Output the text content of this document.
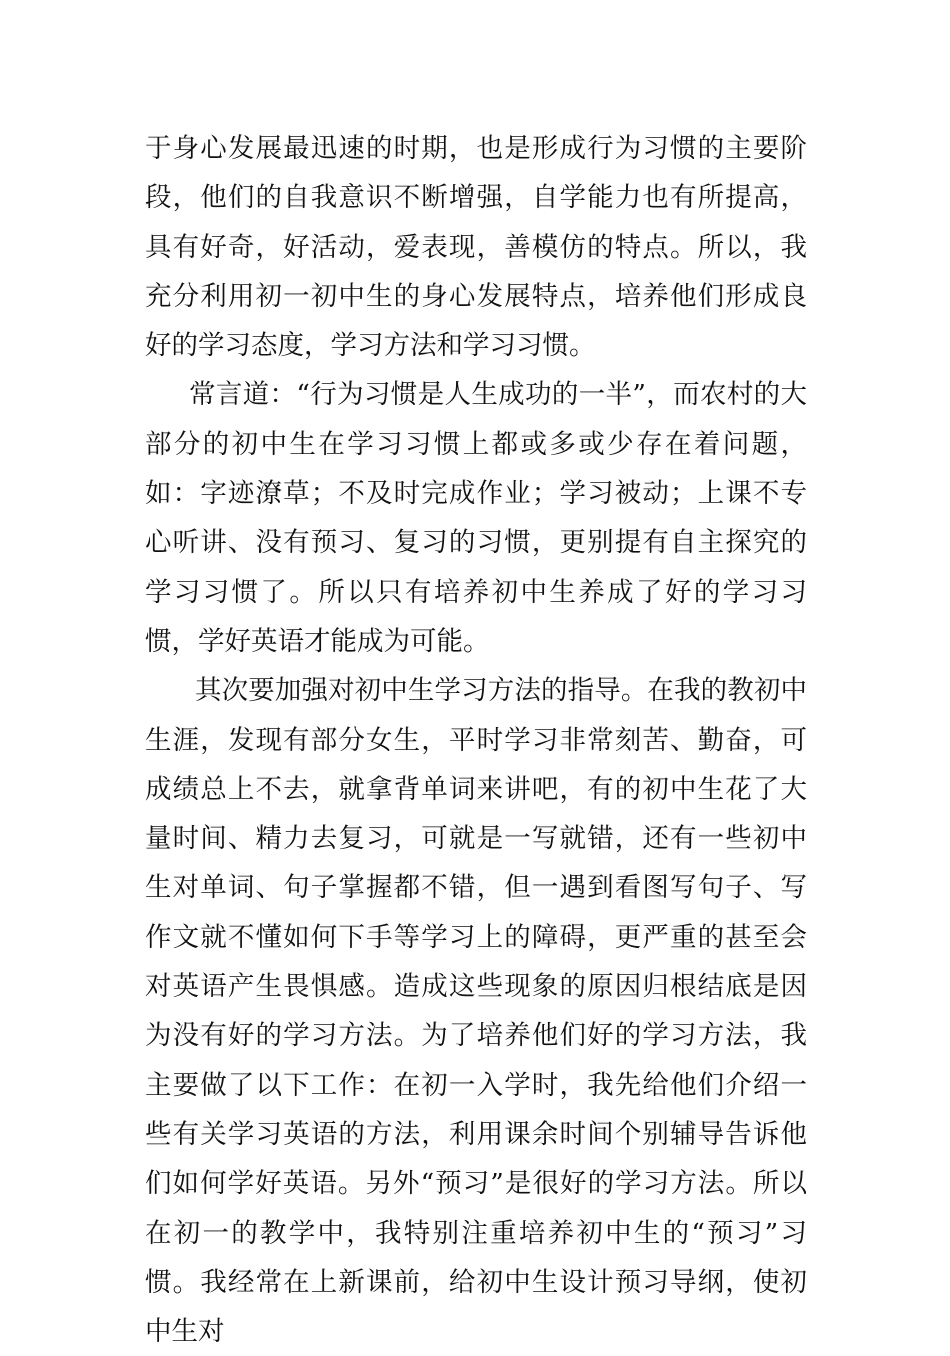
于身心发展最迅速的时期，也是形成行为习惯的主要阶段，他们的自我意识不断增强，自学能力也有所提高，具有好奇，好活动，爱表现，善模仿的特点。所以，我充分利用初一初中生的身心发展特点，培养他们形成良好的学习态度，学习方法和学习习惯。

常言道：“行为习惯是人生成功的一半”，而农村的大部分的初中生在学习习惯上都或多或少存在着问题，如：字迹潦草；不及时完成作业；学习被动；上课不专心听讲、没有预习、复习的习惯，更别提有自主探究的学习习惯了。所以只有培养初中生养成了好的学习习惯，学好英语才能成为可能。

其次要加强对初中生学习方法的指导。在我的教初中生涯，发现有部分女生，平时学习非常刻苦、勤奋，可成绩总上不去，就拿背单词来讲吧，有的初中生花了大量时间、精力去复习，可就是一写就错，还有一些初中生对单词、句子掌握都不错，但一遇到看图写句子、写作文就不懂如何下手等学习上的障碍，更严重的甚至会对英语产生畏惧感。造成这些现象的原因归根结底是因为没有好的学习方法。为了培养他们好的学习方法，我主要做了以下工作：在初一入学时，我先给他们介绍一些有关学习英语的方法，利用课余时间个别辅导告诉他们如何学好英语。另外“预习”是很好的学习方法。所以在初一的教学中，我特别注重培养初中生的“预习”习惯。我经常在上新课前，给初中生设计预习导纲，使初中生对
